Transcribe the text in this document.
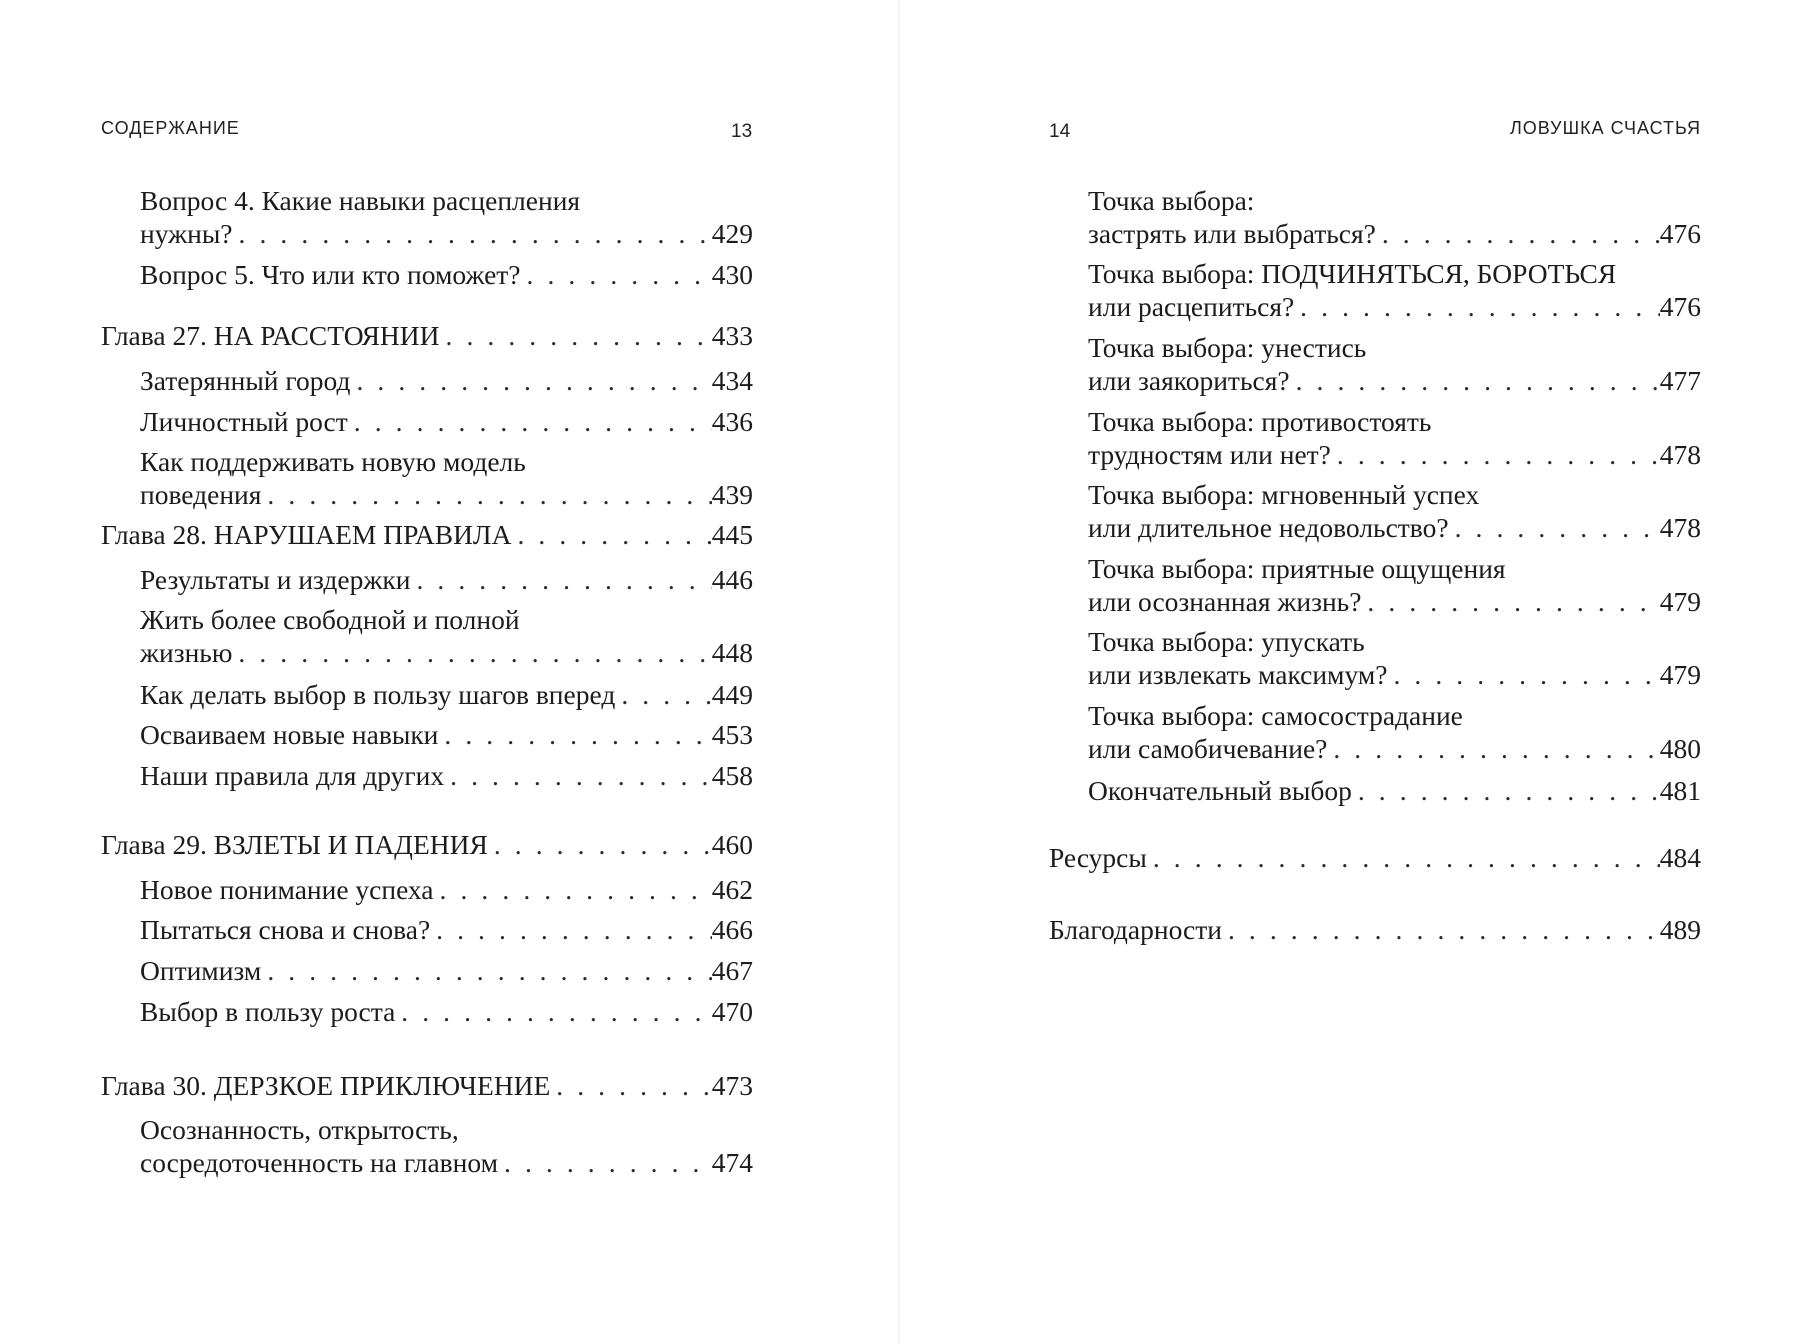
СОДЕРЖАНИЕ	13
Вопрос 4. Какие навыки расцепления
нужны? . . .	429
Вопрос 5. Что или кто поможет? . . .	430
Глава 27. НА РАССТОЯНИИ . . .	433
Затерянный город . . .	434
Личностный рост . . .	436
Как поддерживать новую модель
поведения . . .	439
Глава 28. НАРУШАЕМ ПРАВИЛА . . .	445
Результаты и издержки . . .	446
Жить более свободной и полной
жизнью . . .	448
Как делать выбор в пользу шагов вперед . . .	449
Осваиваем новые навыки . . .	453
Наши правила для других . . .	458
Глава 29. ВЗЛЕТЫ И ПАДЕНИЯ . . .	460
Новое понимание успеха . . .	462
Пытаться снова и снова? . . .	466
Оптимизм . . .	467
Выбор в пользу роста . . .	470
Глава 30. ДЕРЗКОЕ ПРИКЛЮЧЕНИЕ . . .	473
Осознанность, открытость,
сосредоточенность на главном . . .	474
14	ЛОВУШКА СЧАСТЬЯ
Точка выбора:
застрять или выбраться? . . .	476
Точка выбора: ПОДЧИНЯТЬСЯ, БОРОТЬСЯ
или расцепиться? . . .	476
Точка выбора: унестись
или заякориться? . . .	477
Точка выбора: противостоять
трудностям или нет? . . .	478
Точка выбора: мгновенный успех
или длительное недовольство? . . .	478
Точка выбора: приятные ощущения
или осознанная жизнь? . . .	479
Точка выбора: упускать
или извлекать максимум? . . .	479
Точка выбора: самосострадание
или самобичевание? . . .	480
Окончательный выбор . . .	481
Ресурсы . . .	484
Благодарности . . .	489
